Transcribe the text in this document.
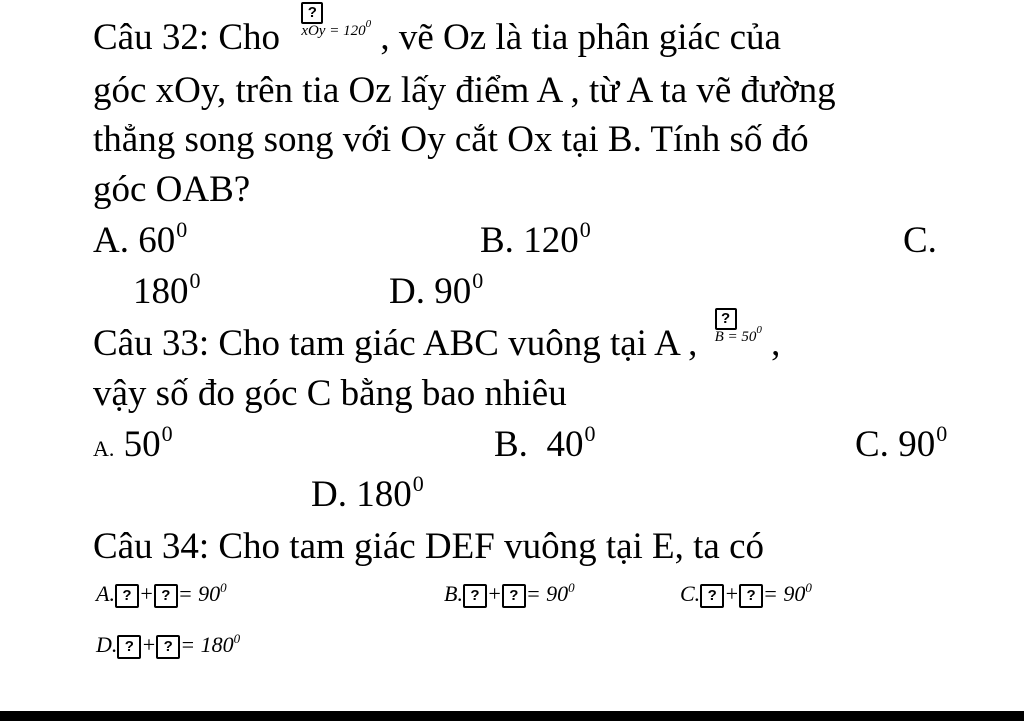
Câu 32: Cho
?
$^{xOy = 1200}$ , vẽ Oz là tia phân giác của
góc xOy, trên tia Oz lấy điểm A , từ A ta vẽ đường
thẳng song song với Oy cắt Ox tại B. Tính số đó
góc OAB?
A. $60^0$	B. $120^0$	C.
$180^0$	D. $90^0$
Câu 33: Cho tam giác ABC vuông tại A ,
?
$^{B = 500}$ ,
vậy số đo góc C bằng bao nhiêu
A. $50^0$	B. $40^0$	C. $90^0$
D. $180^0$
Câu 34: Cho tam giác DEF vuông tại E, ta có
A. ? + ? = $90^0$	B. ? + ? = $90^0$	C. ? + ? = $90^0$
D. ? + ? = $180^0$
